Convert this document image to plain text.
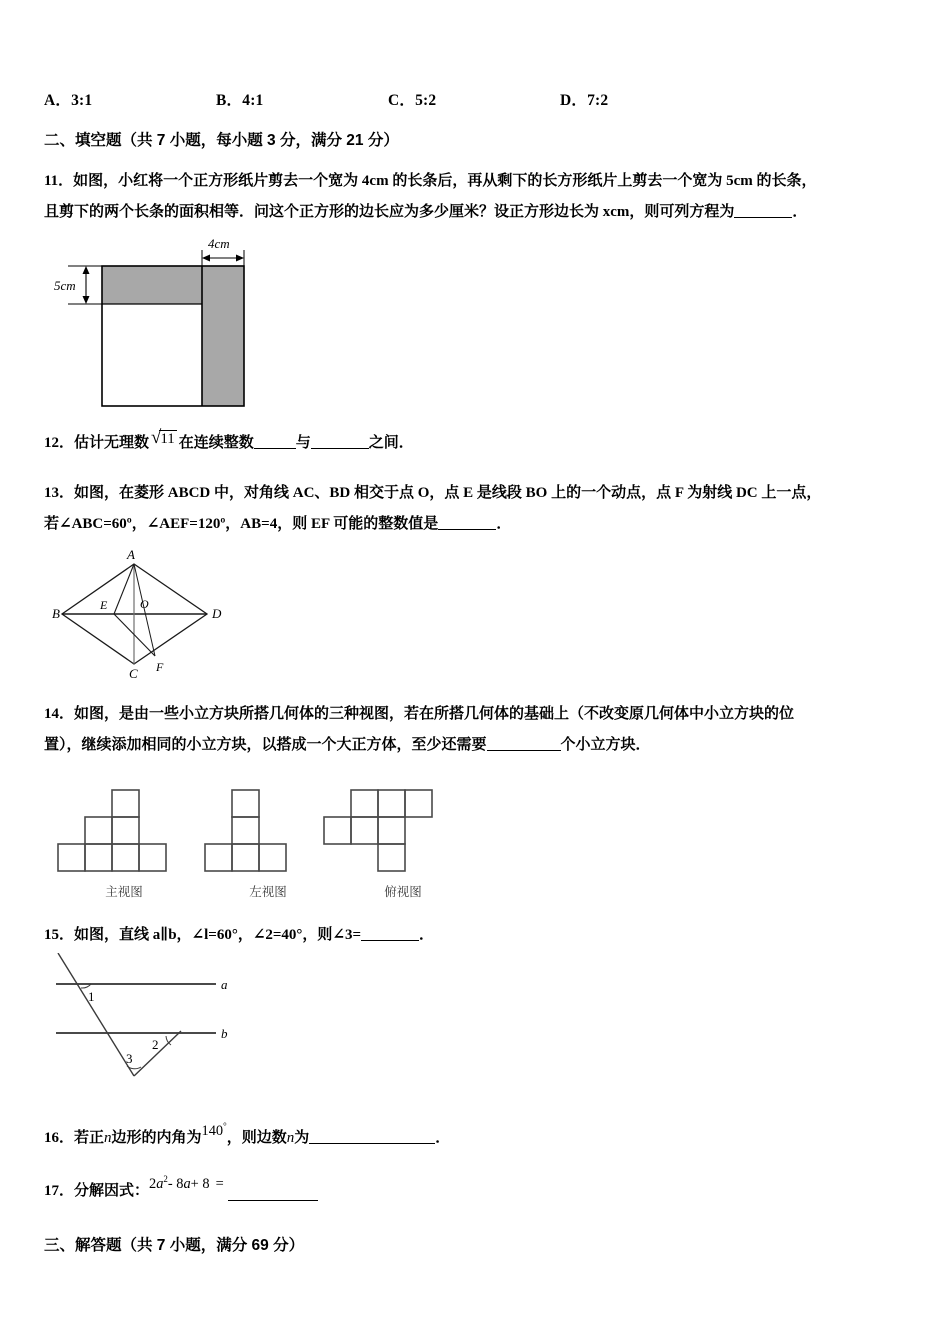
A．3:1	B．4:1	C．5:2	D．7:2
二、填空题（共 7 小题，每小题 3 分，满分 21 分）
11．如图，小红将一个正方形纸片剪去一个宽为 4cm 的长条后，再从剩下的长方形纸片上剪去一个宽为 5cm 的长条，
且剪下的两个长条的面积相等．问这个正方形的边长应为多少厘米？设正方形边长为 xcm，则可列方程为	．
4cm
5cm
12．估计无理数 √11 在连续整数	与	之间．
13．如图，在菱形 ABCD 中，对角线 AC、BD 相交于点 O，点 E 是线段 BO 上的一个动点，点 F 为射线 DC 上一点，
若∠ABC=60º，∠AEF=120º，AB=4，则 EF 可能的整数值是	．
A
B
C
D
E	O
F
14．如图，是由一些小立方块所搭几何体的三种视图，若在所搭几何体的基础上（不改变原几何体中小立方块的位
置），继续添加相同的小立方块，以搭成一个大正方体，至少还需要	个小立方块．
主视图	左视图	俯视图
15．如图，直线 a∥b，∠l=60°，∠2=40°，则∠3=	．
1
2
3
a
b
16．若正n边形的内角为140°，则边数n为	．
17．分解因式：$2a^2-$ 8a+ 8 =
三、解答题（共 7 小题，满分 69 分）
